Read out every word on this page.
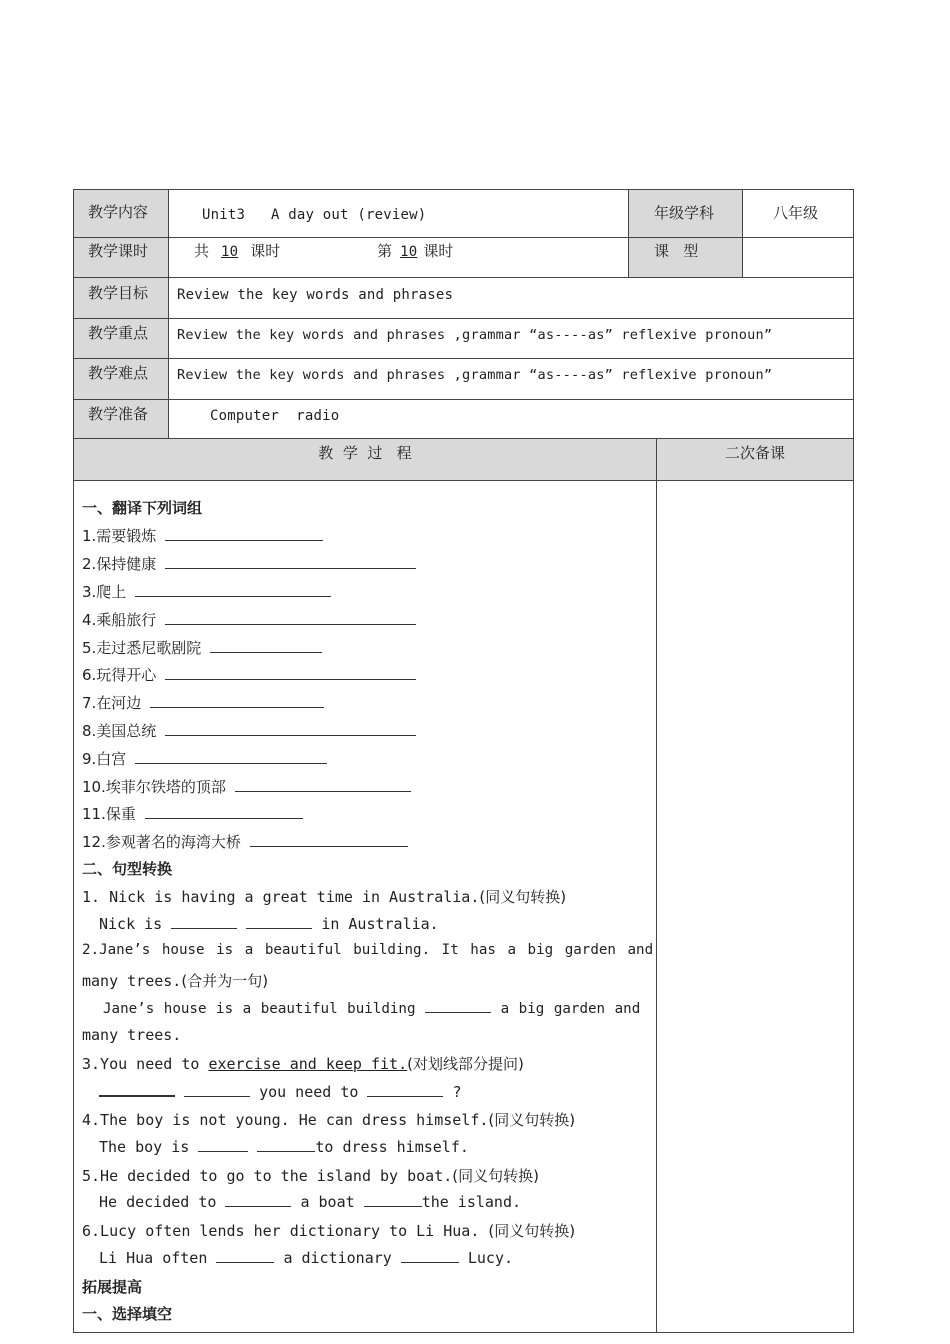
教学内容	Unit3   A day out (review)	年级学科	八年级
教学课时	共 10 课时	第 10 课时	课   型
教学目标	Review the key words and phrases
教学重点	Review the key words and phrases ,grammar “as----as” reflexive pronoun”
教学难点	Review the key words and phrases ,grammar “as----as” reflexive pronoun”
教学准备	Computer  radio
教  学  过   程	二次备课
一、翻译下列词组
1.需要锻炼
2.保持健康
3.爬上
4.乘船旅行
5.走过悉尼歌剧院
6.玩得开心
7.在河边
8.美国总统
9.白宫
10.埃菲尔铁塔的顶部
11.保重
12.参观著名的海湾大桥
二、句型转换
1. Nick is having a great time in Australia.(同义句转换)
Nick is	in Australia.
2.Jane’s house is a beautiful building. It has a big garden and
many trees.(合并为一句)
Jane’s house is a beautiful building	a big garden and
many trees.
3.You need to exercise and keep fit.(对划线部分提问)
you need to	?
4.The boy is not young. He can dress himself.(同义句转换)
The boy is	to dress himself.
5.He decided to go to the island by boat.(同义句转换)
He decided to	a boat	the island.
6.Lucy often lends her dictionary to Li Hua. (同义句转换)
Li Hua often	a dictionary	Lucy.
拓展提高
一、选择填空
